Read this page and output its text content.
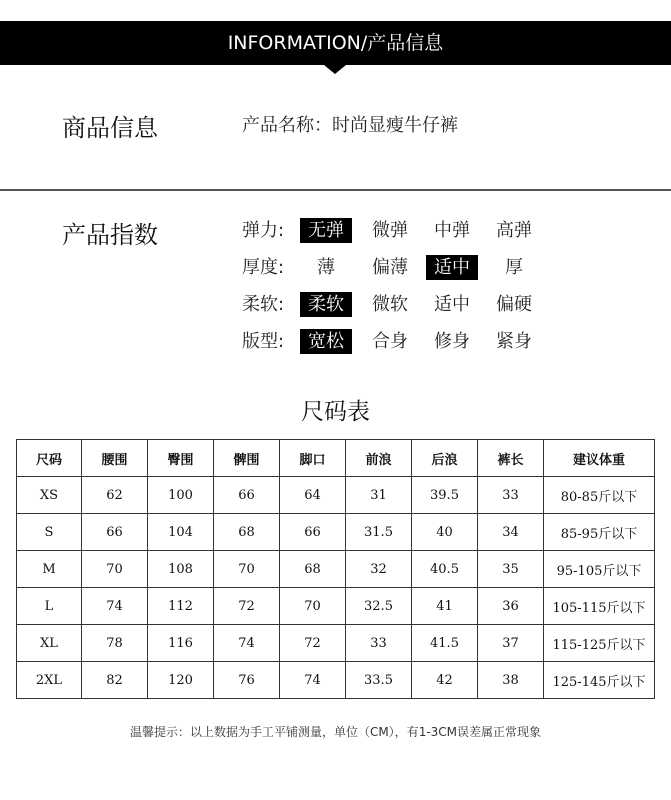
INFORMATION/产品信息
商品信息	产品名称：时尚显瘦牛仔裤
产品指数	弹力:	无弹	微弹	中弹	高弹
厚度:	薄	偏薄	适中	厚
柔软:	柔软	微软	适中	偏硬
版型:	宽松	合身	修身	紧身
尺码表
尺码	腰围	臀围	髀围	脚口	前浪	后浪	裤长	建议体重
XS	62	100	66	64	31	39.5	33	80-85斤以下
S	66	104	68	66	31.5	40	34	85-95斤以下
M	70	108	70	68	32	40.5	35	95-105斤以下
L	74	112	72	70	32.5	41	36	105-115斤以下
XL	78	116	74	72	33	41.5	37	115-125斤以下
2XL	82	120	76	74	33.5	42	38	125-145斤以下
温馨提示：以上数据为手工平铺测量，单位（CM），有1-3CM误差属正常现象
